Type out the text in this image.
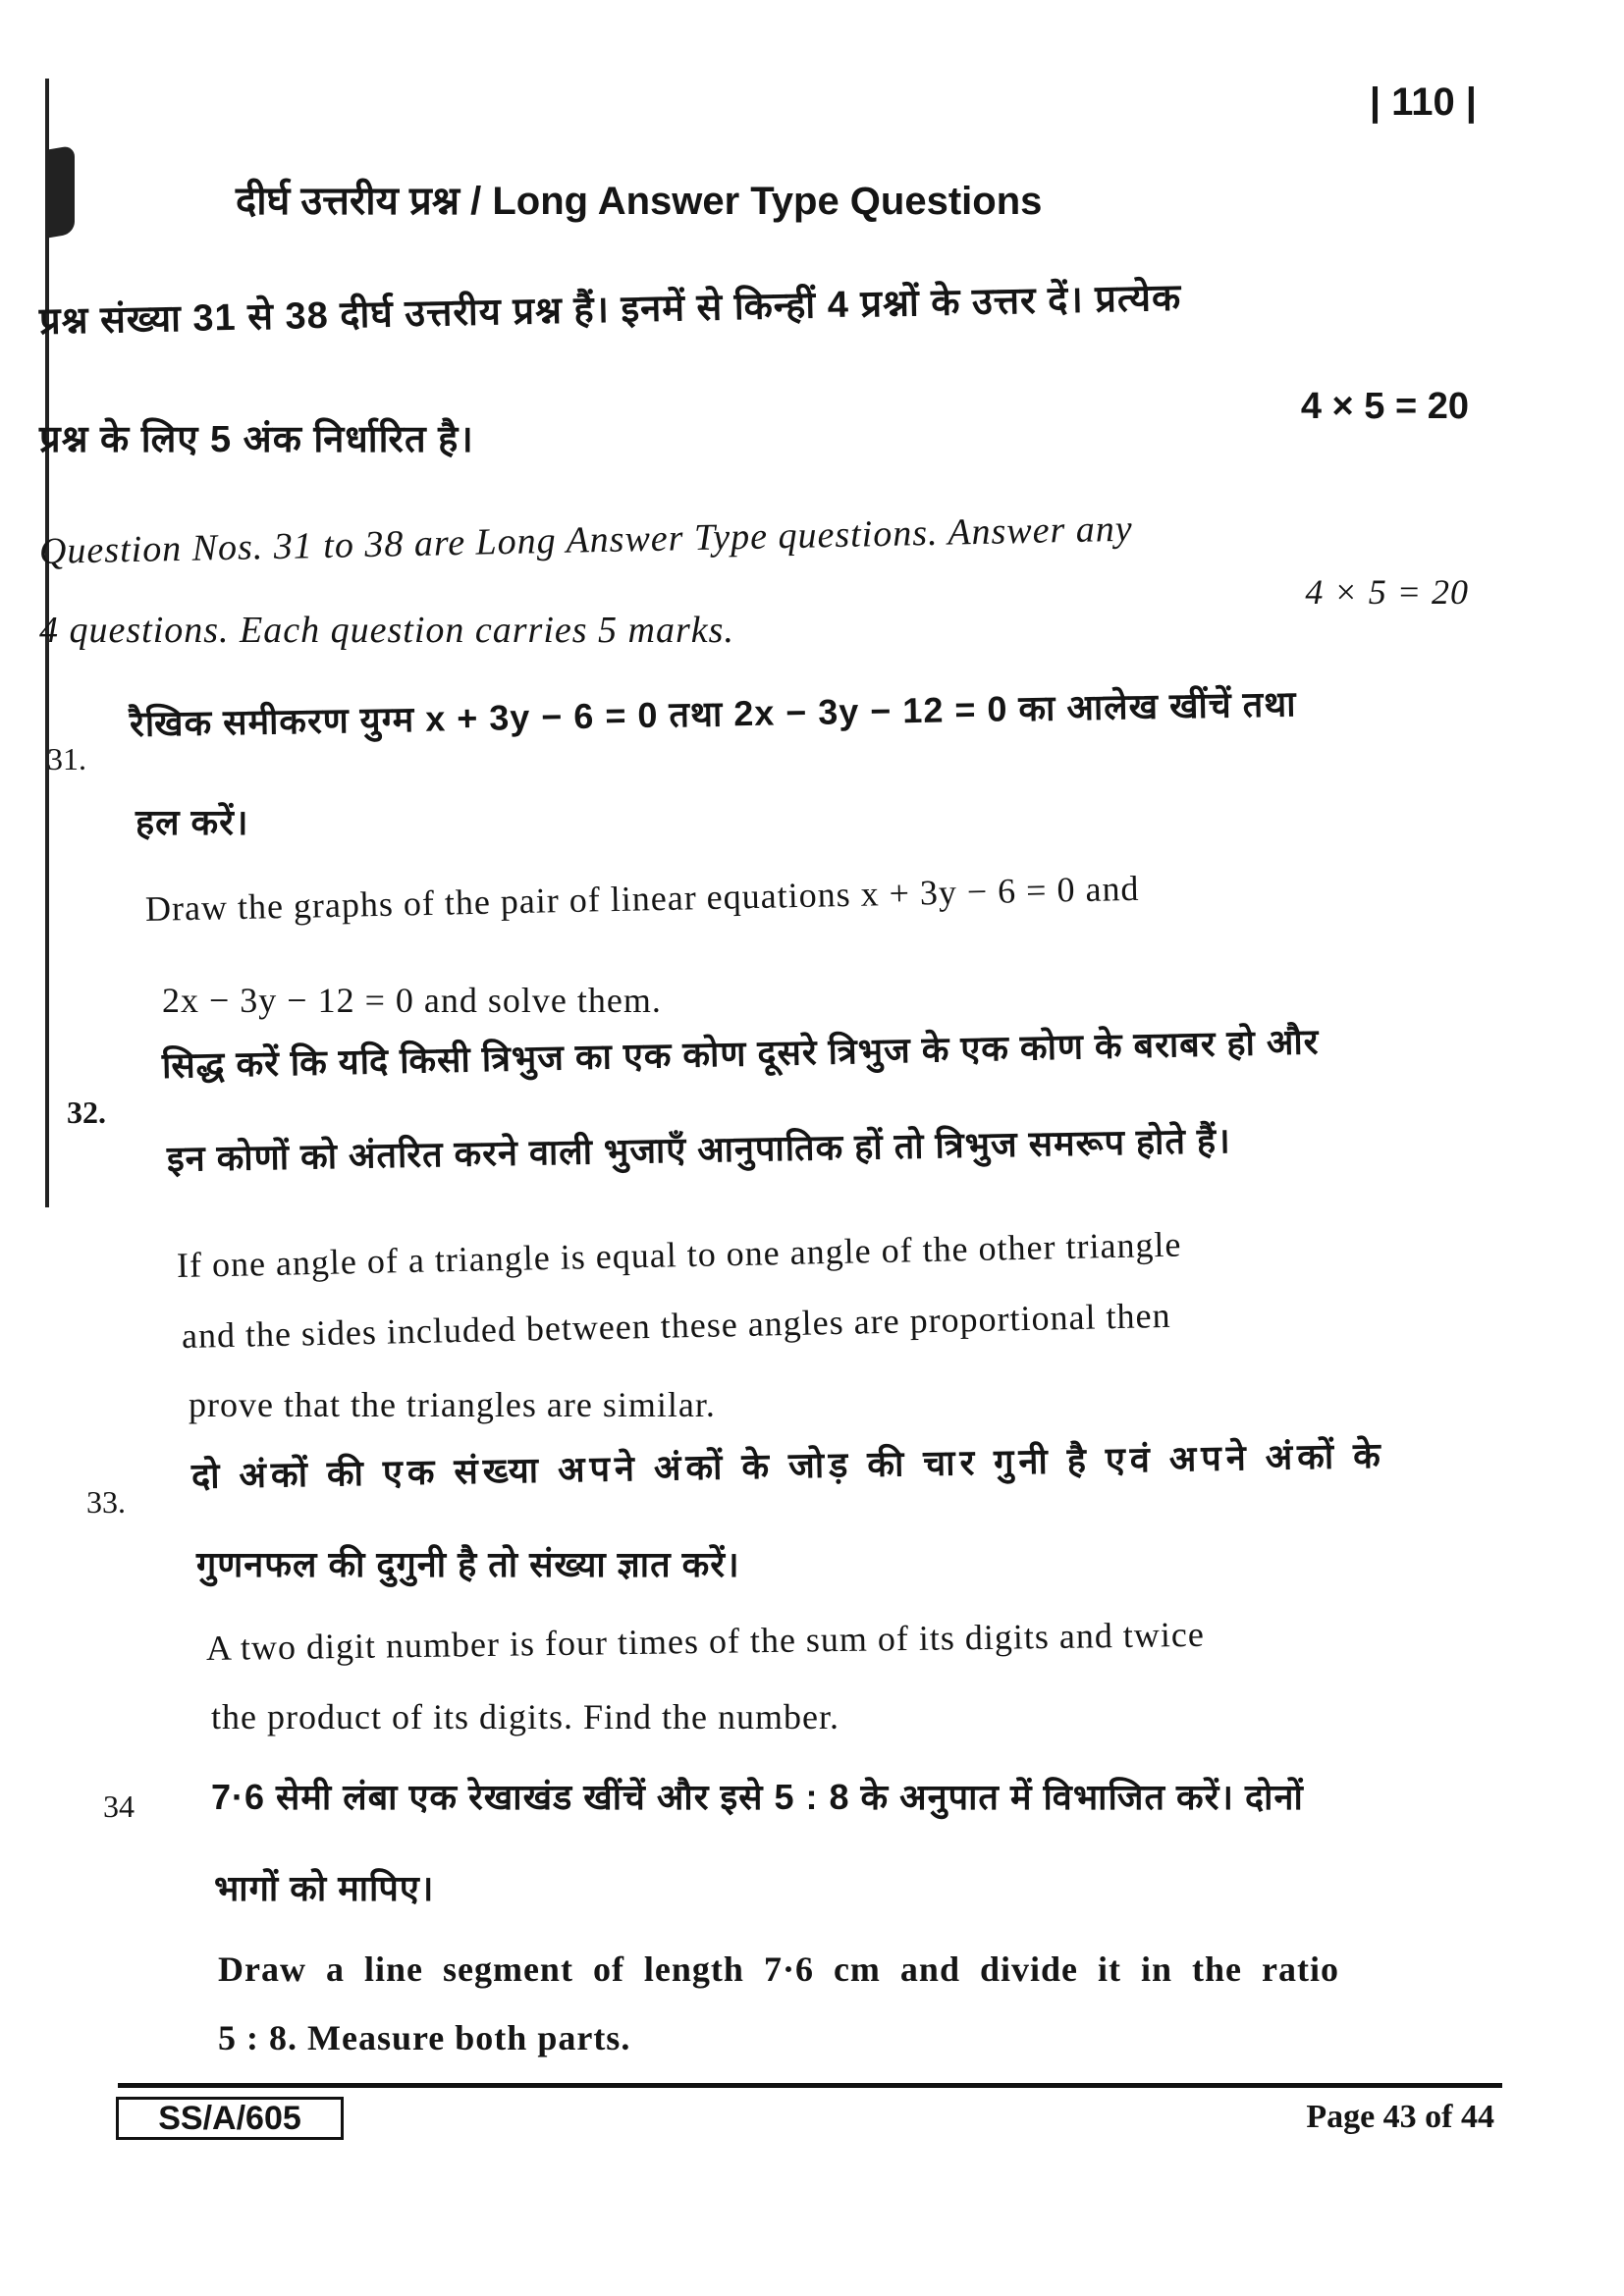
| 110 |
दीर्घ उत्तरीय प्रश्न / Long Answer Type Questions
प्रश्न संख्या 31 से 38 दीर्घ उत्तरीय प्रश्न हैं। इनमें से किन्हीं 4 प्रश्नों के उत्तर दें। प्रत्येक
प्रश्न के लिए 5 अंक निर्धारित है।
4 × 5 = 20
Question Nos. 31 to 38 are Long Answer Type questions. Answer any
4 questions. Each question carries 5 marks.
4 × 5 = 20
31.
रैखिक समीकरण युग्म x + 3y − 6 = 0 तथा 2x − 3y − 12 = 0 का आलेख खींचें तथा
हल करें।
Draw the graphs of the pair of linear equations x + 3y − 6 = 0 and
2x − 3y − 12 = 0 and solve them.
32.
सिद्ध करें कि यदि किसी त्रिभुज का एक कोण दूसरे त्रिभुज के एक कोण के बराबर हो और
इन कोणों को अंतरित करने वाली भुजाएँ आनुपातिक हों तो त्रिभुज समरूप होते हैं।
If one angle of a triangle is equal to one angle of the other triangle
and the sides included between these angles are proportional then
prove that the triangles are similar.
33.
दो अंकों की एक संख्या अपने अंकों के जोड़ की चार गुनी है एवं अपने अंकों के
गुणनफल की दुगुनी है तो संख्या ज्ञात करें।
A two digit number is four times of the sum of its digits and twice
the product of its digits. Find the number.
34 7·6 सेमी लंबा एक रेखाखंड खींचें और इसे 5 : 8 के अनुपात में विभाजित करें। दोनों
भागों को मापिए।
Draw a line segment of length 7·6 cm and divide it in the ratio
5 : 8. Measure both parts.
SS/A/605	Page 43 of 44
